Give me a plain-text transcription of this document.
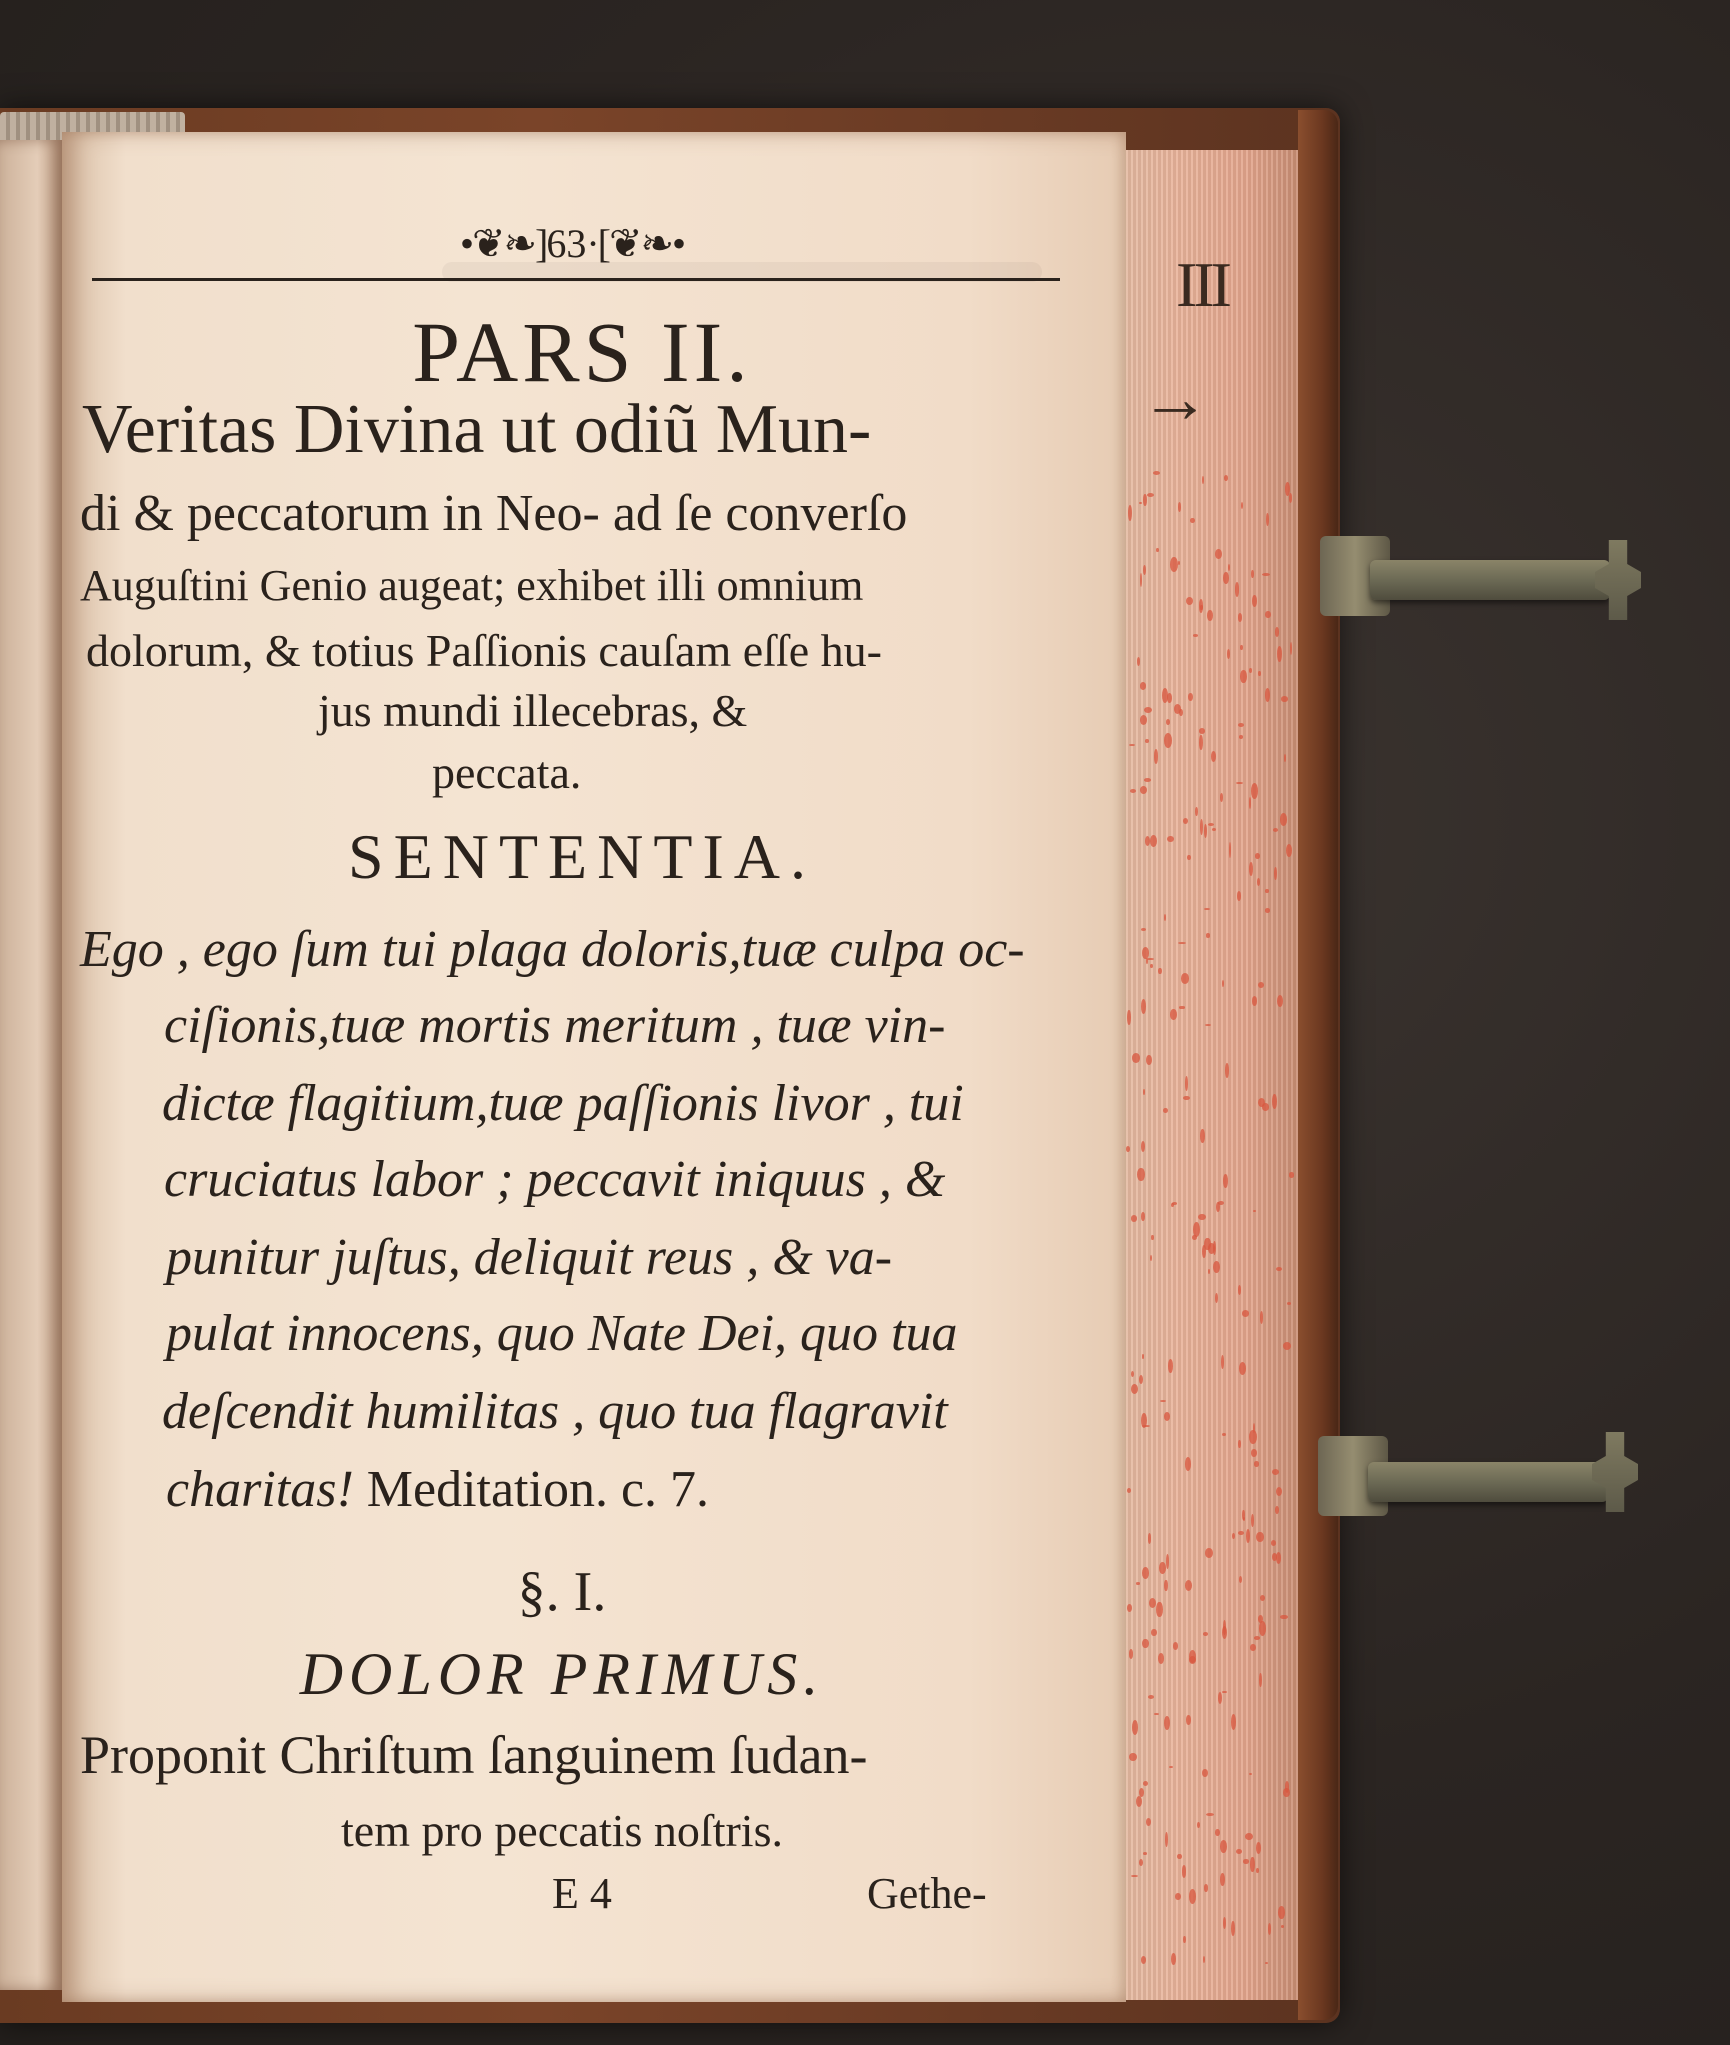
•❦❧]63·[❦❧•
PARS II.
Veritas Divina ut odiũ Mun-
di & peccatorum in Neo- ad ſe converſo
Auguſtini Genio augeat; exhibet illi omnium
dolorum, & totius Paſſionis cauſam eſſe hu-
jus mundi illecebras, &
peccata.
SENTENTIA.
Ego , ego ſum tui plaga doloris,tuæ culpa oc-
ciſionis,tuæ mortis meritum , tuæ vin-
dictæ flagitium,tuæ paſſionis livor , tui
cruciatus labor ; peccavit iniquus , &
punitur juſtus, deliquit reus , & va-
pulat innocens, quo Nate Dei, quo tua
deſcendit humilitas , quo tua flagravit
charitas! Meditation. c. 7.
§. I.
DOLOR PRIMUS.
Proponit Chriſtum ſanguinem ſudan-
tem pro peccatis noſtris.
E 4	Gethe-
III
→
